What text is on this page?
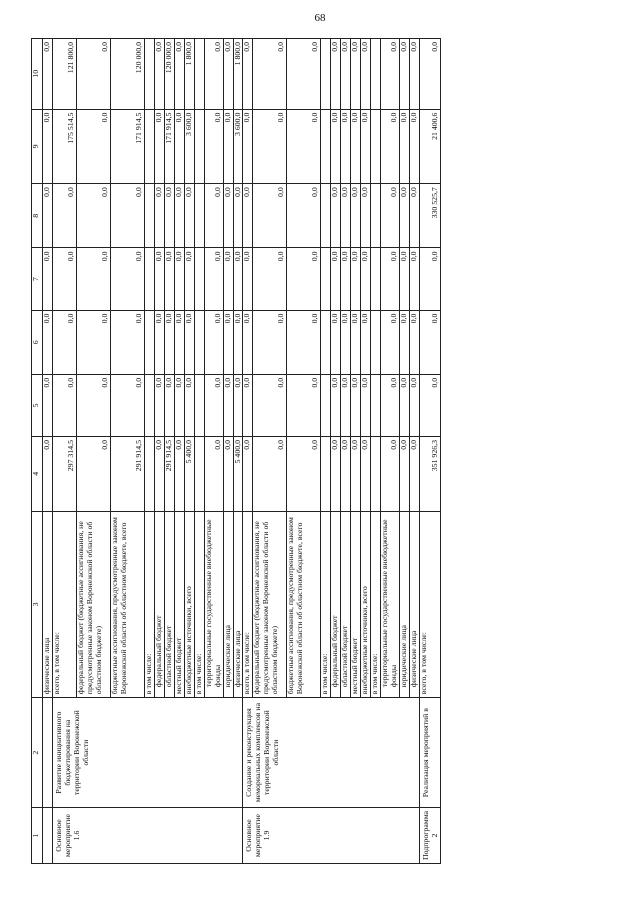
68
1	2	3	4	5	6	7	8	9	10
		физические лица	0,0	0,0	0,0	0,0	0,0	0,0	0,0
Основное мероприятие 1.6	Развитие инициативного бюджетирования на территории Воронежской области	всего, в том числе:	297 314,5	0,0	0,0	0,0	0,0	175 514,5	121 800,0
		федеральный бюджет (бюджетные ассигнования, не предусмотренные законом Воронежской области об областном бюджете)	0,0	0,0	0,0	0,0	0,0	0,0	0,0
		бюджетные ассигнования, предусмотренные законом Воронежской области об областном бюджете, всего	291 914,5	0,0	0,0	0,0	0,0	171 914,5	120 000,0
		в том числе:							
		федеральный бюджет	0,0	0,0	0,0	0,0	0,0	0,0	0,0
		областной бюджет	291 914,5	0,0	0,0	0,0	0,0	171 914,5	120 000,0
		местный бюджет	0,0	0,0	0,0	0,0	0,0	0,0	0,0
		внебюджетные источники, всего	5 400,0	0,0	0,0	0,0	0,0	3 600,0	1 800,0
		в том числе:							
		территориальные государственные внебюджетные фонды	0,0	0,0	0,0	0,0	0,0	0,0	0,0
		юридические лица	0,0	0,0	0,0	0,0	0,0	0,0	0,0
		физические лица	5 400,0	0,0	0,0	0,0	0,0	3 600,0	1 800,0
Основное мероприятие 1.9	Создание и реконструкция мемориальных комплексов на территории Воронежской области	всего, в том числе:	0,0	0,0	0,0	0,0	0,0	0,0	0,0
		федеральный бюджет (бюджетные ассигнования, не предусмотренные законом Воронежской области об областном бюджете)	0,0	0,0	0,0	0,0	0,0	0,0	0,0
		бюджетные ассигнования, предусмотренные законом Воронежской области об областном бюджете, всего	0,0	0,0	0,0	0,0	0,0	0,0	0,0
		в том числе:							
		федеральный бюджет	0,0	0,0	0,0	0,0	0,0	0,0	0,0
		областной бюджет	0,0	0,0	0,0	0,0	0,0	0,0	0,0
		местный бюджет	0,0	0,0	0,0	0,0	0,0	0,0	0,0
		внебюджетные источники, всего	0,0	0,0	0,0	0,0	0,0	0,0	0,0
		в том числе:							
		территориальные государственные внебюджетные фонды	0,0	0,0	0,0	0,0	0,0	0,0	0,0
		юридические лица	0,0	0,0	0,0	0,0	0,0	0,0	0,0
		физические лица	0,0	0,0	0,0	0,0	0,0	0,0	0,0
Подпрограмма 2	Реализация мероприятий в	всего, в том числе:	351 926,3	0,0	0,0	0,0	330 525,7	21 400,6	0,0
